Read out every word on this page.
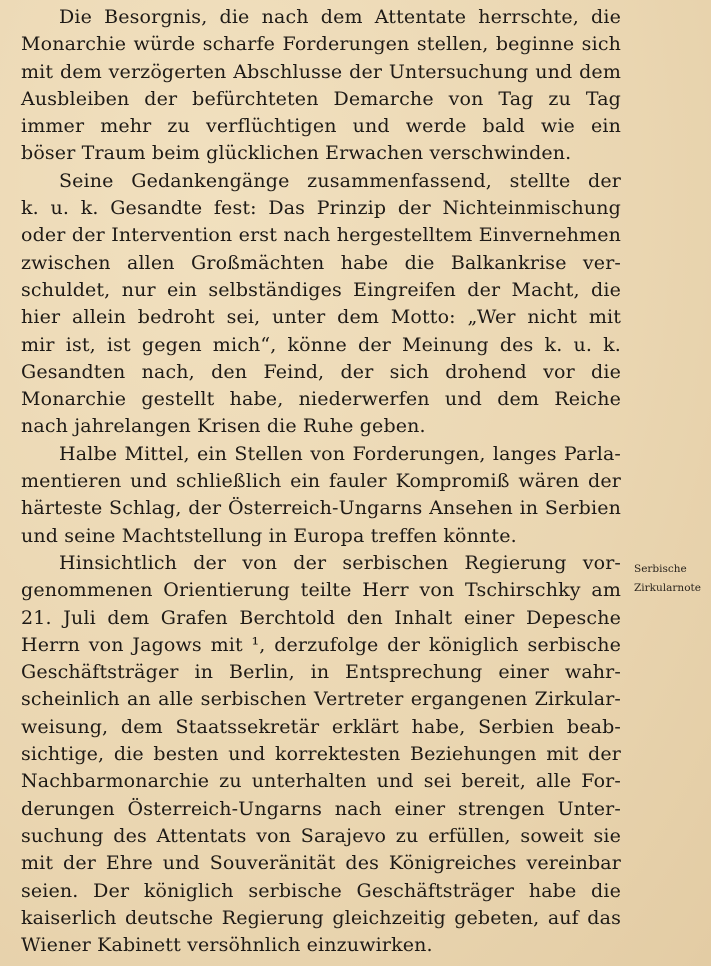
Die Besorgnis, die nach dem Attentate herrschte, die
Monarchie würde scharfe Forderungen stellen, beginne sich
mit dem verzögerten Abschlusse der Untersuchung und dem
Ausbleiben der befürchteten Demarche von Tag zu Tag
immer mehr zu verflüchtigen und werde bald wie ein
böser Traum beim glücklichen Erwachen verschwinden.
Seine Gedankengänge zusammenfassend, stellte der
k. u. k. Gesandte fest: Das Prinzip der Nichteinmischung
oder der Intervention erst nach hergestelltem Einvernehmen
zwischen allen Großmächten habe die Balkankrise ver-
schuldet, nur ein selbständiges Eingreifen der Macht, die
hier allein bedroht sei, unter dem Motto: „Wer nicht mit
mir ist, ist gegen mich“, könne der Meinung des k. u. k.
Gesandten nach, den Feind, der sich drohend vor die
Monarchie gestellt habe, niederwerfen und dem Reiche
nach jahrelangen Krisen die Ruhe geben.
Halbe Mittel, ein Stellen von Forderungen, langes Parla-
mentieren und schließlich ein fauler Kompromiß wären der
härteste Schlag, der Österreich-Ungarns Ansehen in Serbien
und seine Machtstellung in Europa treffen könnte.
Hinsichtlich der von der serbischen Regierung vor-
genommenen Orientierung teilte Herr von Tschirschky am
21. Juli dem Grafen Berchtold den Inhalt einer Depesche
Herrn von Jagows mit ¹, derzufolge der königlich serbische
Geschäftsträger in Berlin, in Entsprechung einer wahr-
scheinlich an alle serbischen Vertreter ergangenen Zirkular-
weisung, dem Staatssekretär erklärt habe, Serbien beab-
sichtige, die besten und korrektesten Beziehungen mit der
Nachbarmonarchie zu unterhalten und sei bereit, alle For-
derungen Österreich-Ungarns nach einer strengen Unter-
suchung des Attentats von Sarajevo zu erfüllen, soweit sie
mit der Ehre und Souveränität des Königreiches vereinbar
seien. Der königlich serbische Geschäftsträger habe die
kaiserlich deutsche Regierung gleichzeitig gebeten, auf das
Wiener Kabinett versöhnlich einzuwirken.
Serbische
Zirkularnote
